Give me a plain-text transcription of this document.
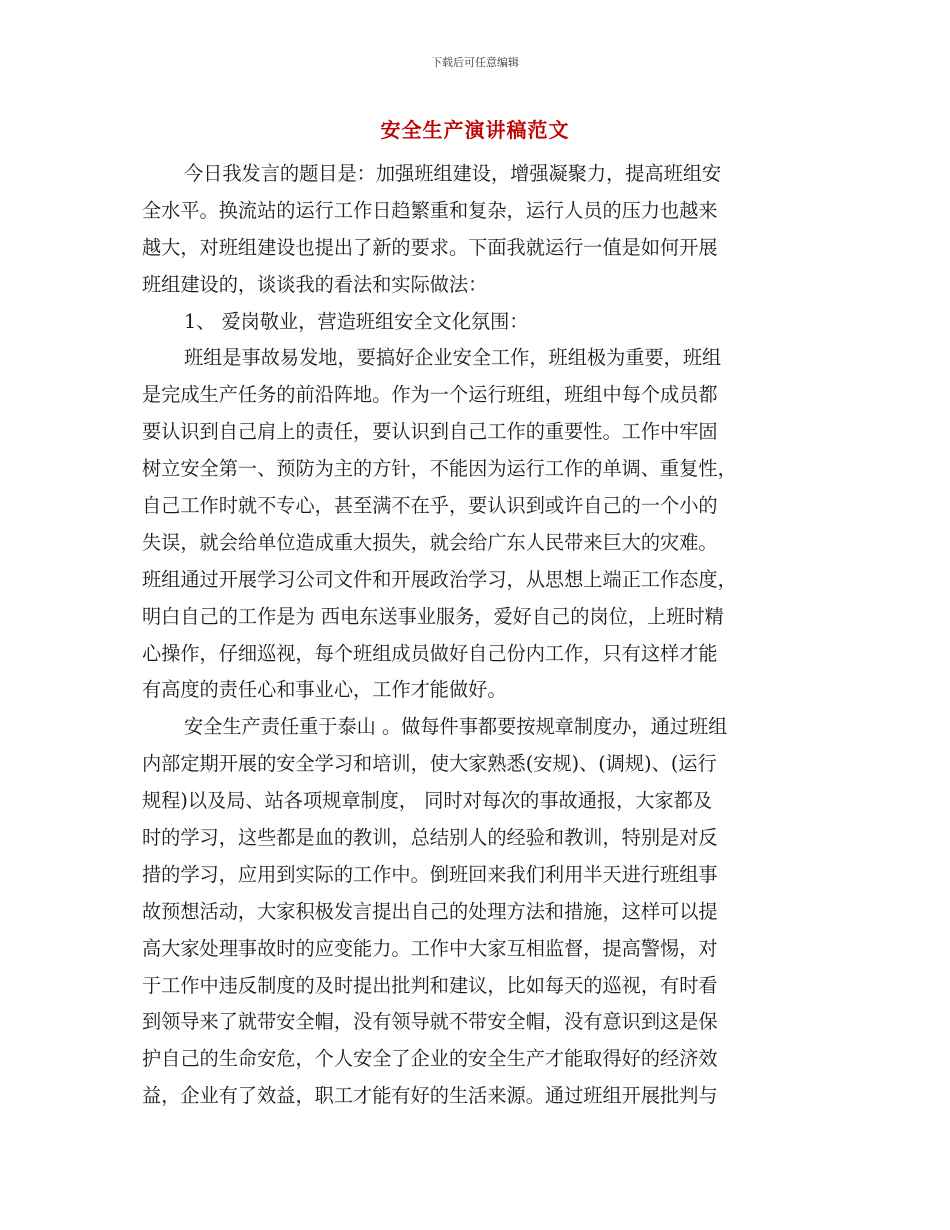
下载后可任意编辑
安全生产演讲稿范文
今日我发言的题目是：加强班组建设，增强凝聚力，提高班组安
全水平。换流站的运行工作日趋繁重和复杂，运行人员的压力也越来
越大，对班组建设也提出了新的要求。下面我就运行一值是如何开展
班组建设的，谈谈我的看法和实际做法：
1、 爱岗敬业，营造班组安全文化氛围：
班组是事故易发地，要搞好企业安全工作，班组极为重要，班组
是完成生产任务的前沿阵地。作为一个运行班组，班组中每个成员都
要认识到自己肩上的责任，要认识到自己工作的重要性。工作中牢固
树立安全第一、预防为主的方针，不能因为运行工作的单调、重复性，
自己工作时就不专心，甚至满不在乎，要认识到或许自己的一个小的
失误，就会给单位造成重大损失，就会给广东人民带来巨大的灾难。
班组通过开展学习公司文件和开展政治学习，从思想上端正工作态度，
明白自己的工作是为 西电东送事业服务，爱好自己的岗位，上班时精
心操作，仔细巡视，每个班组成员做好自己份内工作，只有这样才能
有高度的责任心和事业心，工作才能做好。
安全生产责任重于泰山 。做每件事都要按规章制度办，通过班组
内部定期开展的安全学习和培训，使大家熟悉(安规)、(调规)、(运行
规程)以及局、站各项规章制度， 同时对每次的事故通报，大家都及
时的学习，这些都是血的教训，总结别人的经验和教训，特别是对反
措的学习，应用到实际的工作中。倒班回来我们利用半天进行班组事
故预想活动，大家积极发言提出自己的处理方法和措施，这样可以提
高大家处理事故时的应变能力。工作中大家互相监督，提高警惕，对
于工作中违反制度的及时提出批判和建议，比如每天的巡视，有时看
到领导来了就带安全帽，没有领导就不带安全帽，没有意识到这是保
护自己的生命安危，个人安全了企业的安全生产才能取得好的经济效
益，企业有了效益，职工才能有好的生活来源。通过班组开展批判与
